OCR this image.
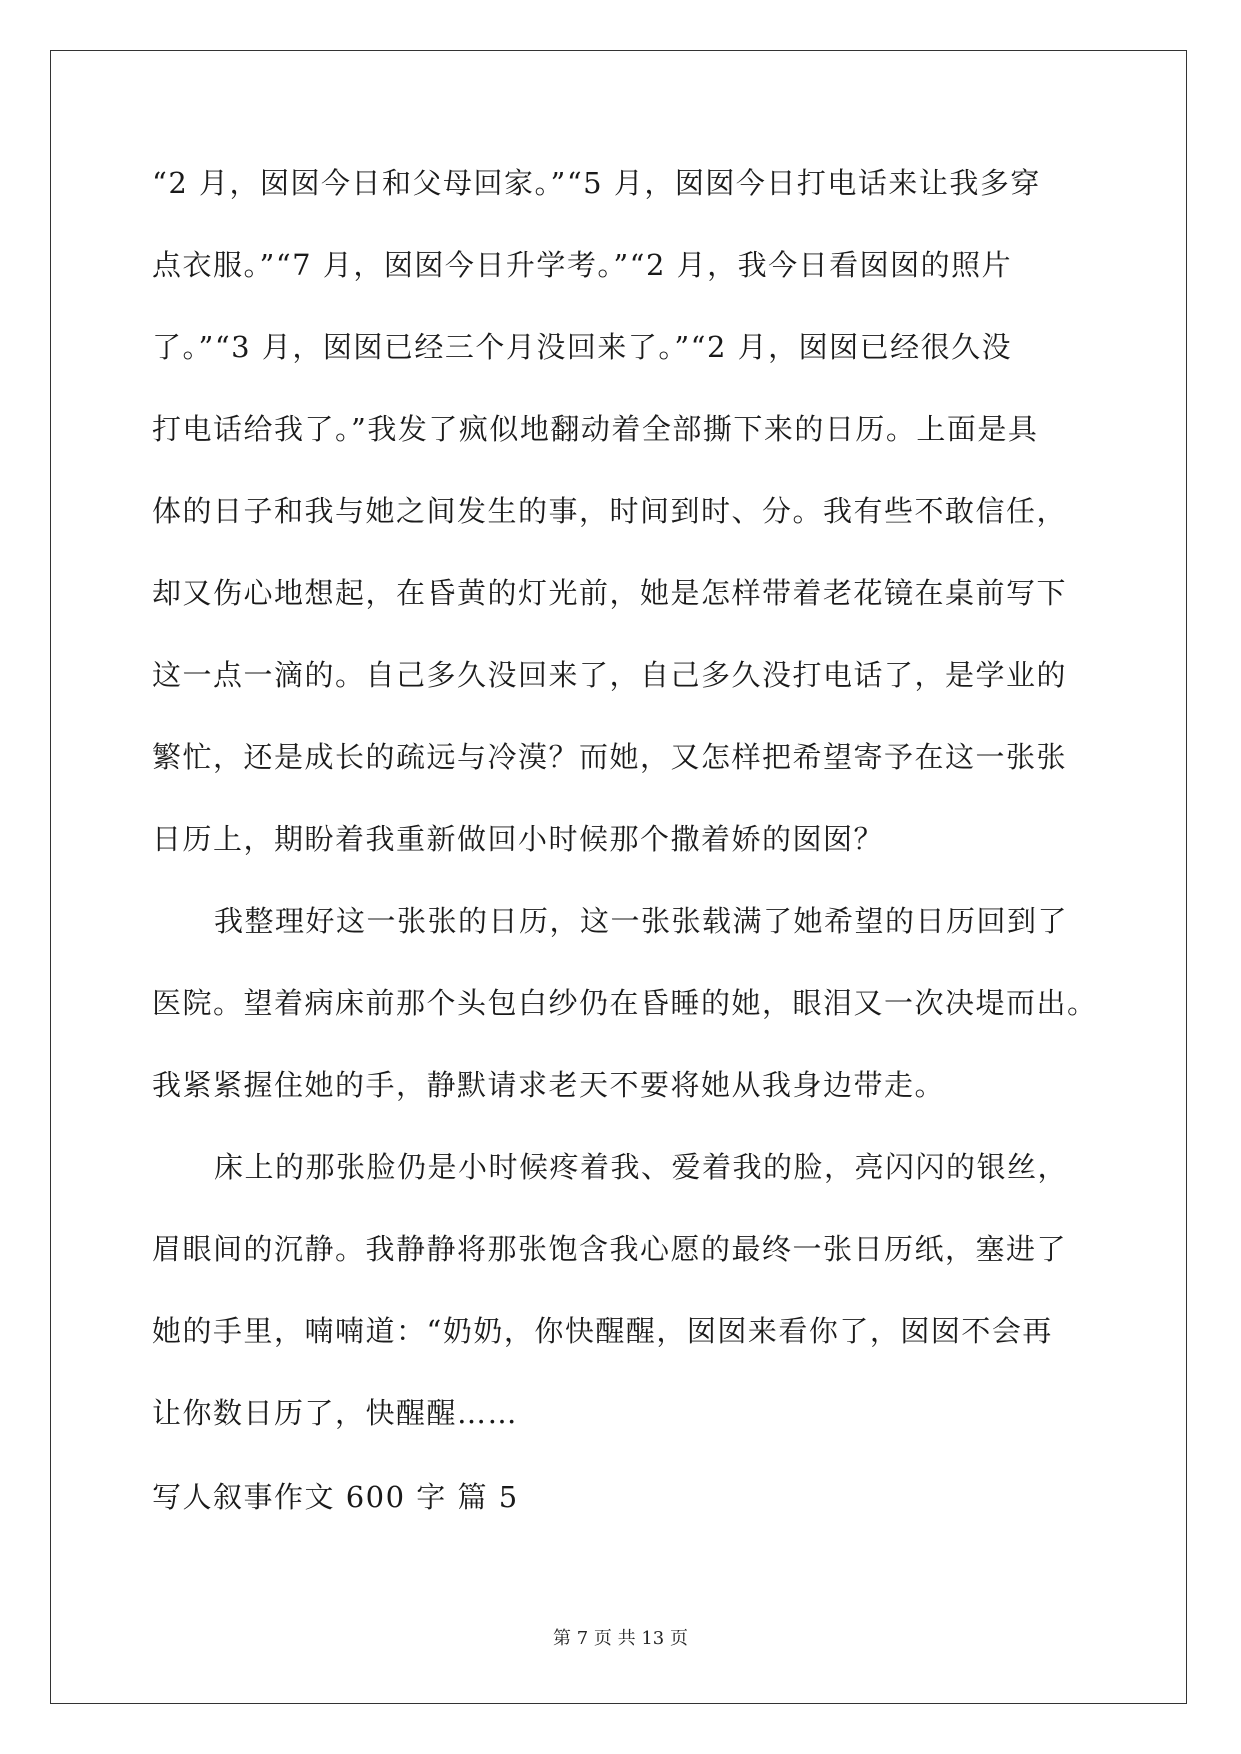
“2 月，囡囡今日和父母回家。”“5 月，囡囡今日打电话来让我多穿
点衣服。”“7 月，囡囡今日升学考。”“2 月，我今日看囡囡的照片
了。”“3 月，囡囡已经三个月没回来了。”“2 月，囡囡已经很久没
打电话给我了。”我发了疯似地翻动着全部撕下来的日历。上面是具
体的日子和我与她之间发生的事，时间到时、分。我有些不敢信任，
却又伤心地想起，在昏黄的灯光前，她是怎样带着老花镜在桌前写下
这一点一滴的。自己多久没回来了，自己多久没打电话了，是学业的
繁忙，还是成长的疏远与冷漠？而她，又怎样把希望寄予在这一张张
日历上，期盼着我重新做回小时候那个撒着娇的囡囡？
我整理好这一张张的日历，这一张张载满了她希望的日历回到了
医院。望着病床前那个头包白纱仍在昏睡的她，眼泪又一次决堤而出。
我紧紧握住她的手，静默请求老天不要将她从我身边带走。
床上的那张脸仍是小时候疼着我、爱着我的脸，亮闪闪的银丝，
眉眼间的沉静。我静静将那张饱含我心愿的最终一张日历纸，塞进了
她的手里，喃喃道：“奶奶，你快醒醒，囡囡来看你了，囡囡不会再
让你数日历了，快醒醒……
写人叙事作文 600 字 篇 5
第 7 页 共 13 页
